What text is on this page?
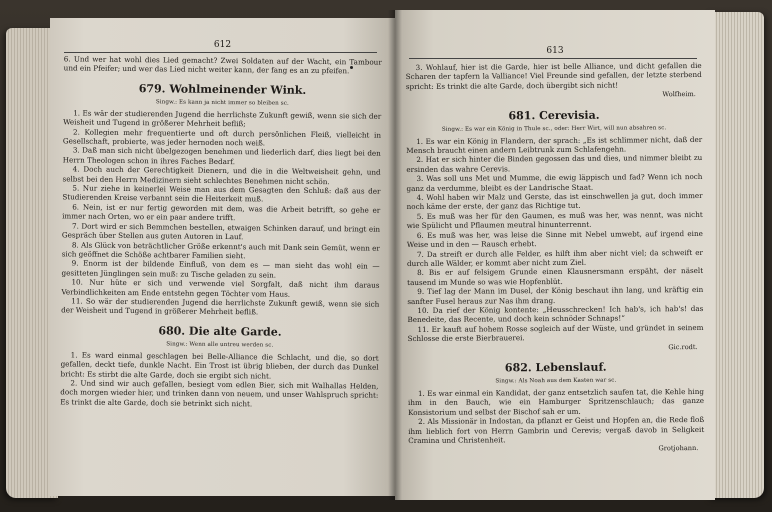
612

6. Und wer hat wohl dies Lied gemacht? Zwei Soldaten auf der Wacht, ein Tambour und ein Pfeifer; und wer das Lied nicht weiter kann, der fang es an zu pfeifen.

679. Wohlmeinender Wink.
Singw.: Es kann ja nicht immer so bleiben sc.

1. Es wär der studierenden Jugend die herrlichste Zukunft gewiß, wenn sie sich der Weisheit und Tugend in größerer Mehrheit befliß;

2. Kollegien mehr frequentierte und oft durch persönlichen Fleiß, vielleicht in Gesellschaft, probierte, was jeder hernoden noch weiß.

3. Daß man sich nicht übelgezogen benehmen und liederlich darf, dies liegt bei den Herrn Theologen schon in ihres Faches Bedarf.

4. Doch auch der Gerechtigkeit Dienern, und die in die Weltweisheit gehn, und selbst bei den Herrn Medizinern sieht schlechtes Benehmen nicht schön.

5. Nur ziehe in keinerlei Weise man aus dem Gesagten den Schluß: daß aus der Studierenden Kreise verbannt sein die Heiterkeit muß.

6. Nein, ist er nur fertig geworden mit dem, was die Arbeit betrifft, so gehe er immer nach Orten, wo er ein paar andere trifft.

7. Dort wird er sich Bemmchen bestellen, etwaigen Schinken darauf, und bringt ein Gespräch über Stellen aus guten Autoren in Lauf.

8. Als Glück von beträchtlicher Größe erkennt's auch mit Dank sein Gemüt, wenn er sich geöffnet die Schöße achtbarer Familien sieht.

9. Enorm ist der bildende Einfluß, von dem es — man sieht das wohl ein — gesitteten Jünglingen sein muß: zu Tische geladen zu sein.

10. Nur hüte er sich und verwende viel Sorgfalt, daß nicht ihm daraus Verbindlichkeiten am Ende entstehn gegen Töchter vom Haus.

11. So wär der studierenden Jugend die herrlichste Zukunft gewiß, wenn sie sich der Weisheit und Tugend in größerer Mehrheit befliß.

680. Die alte Garde.
Singw.: Wenn alle untreu werden sc.

1. Es ward einmal geschlagen bei Belle-Alliance die Schlacht, und die, so dort gefallen, deckt tiefe, dunkle Nacht. Ein Trost ist übrig blieben, der durch das Dunkel bricht: Es stirbt die alte Garde, doch sie ergibt sich nicht.

2. Und sind wir auch gefallen, besiegt vom edlen Bier, sich mit Walhallas Helden, doch morgen wieder hier, und trinken dann von neuem, und unser Wahlspruch spricht: Es trinkt die alte Garde, doch sie betrinkt sich nicht.

613

3. Wohlauf, hier ist die Garde, hier ist belle Alliance, und dicht gefallen die Scharen der tapfern la Valliance! Viel Freunde sind gefallen, der letzte sterbend spricht: Es trinkt die alte Garde, doch übergibt sich nicht!

Wolfheim.
681. Cerevisia.
Singw.: Es war ein König in Thule sc., oder: Herr Wirt, will nun absahren sc.

1. Es war ein König in Flandern, der sprach: „Es ist schlimmer nicht, daß der Mensch braucht einen andern Leibtrunk zum Schlafengehn.

2. Hat er sich hinter die Binden gegossen das und dies, und nimmer bleibt zu ersinden das wahre Cerevis.

3. Was soll uns Met und Mumme, die ewig läppisch und fad? Wenn ich noch ganz da verdumme, bleibt es der Landrische Staat.

4. Wohl haben wir Malz und Gerste, das ist einschwellen ja gut, doch immer noch käme der erste, der ganz das Richtige tut.

5. Es muß was her für den Gaumen, es muß was her, was nennt, was nicht wie Spülicht und Pflaumen meutral hinunterrennt.

6. Es muß was her, was leise die Sinne mit Nebel umwebt, auf irgend eine Weise und in den — Rausch erhebt.

7. Da streift er durch alle Felder, es hilft ihm aber nicht viel; da schweift er durch alle Wälder, er kommt aber nicht zum Ziel.

8. Bis er auf felsigem Grunde einen Klausnersmann erspäht, der näselt tausend im Munde so was wie Hopfenblüt.

9. Tief lag der Mann im Dusel, der König beschaut ihn lang, und kräftig ein sanfter Fusel heraus zur Nas ihm drang.

10. Da rief der König kontente: „Heusschrecken! Ich hab's, ich hab's! das Benedeite, das Recente, und doch kein schnöder Schnaps!“

11. Er kauft auf hohem Rosse sogleich auf der Wüste, und gründet in seinem Schlosse die erste Bierbrauerei.

Gic.rodt.
682. Lebenslauf.
Singw.: Als Noah aus dem Kasten war sc.

1. Es war einmal ein Kandidat, der ganz entsetzlich saufen tat, die Kehle hing ihm in den Bauch, wie ein Hamburger Spritzenschlauch; das ganze Konsistorium und selbst der Bischof sah er um.

2. Als Missionär in Indostan, da pflanzt er Geist und Hopfen an, die Rede floß ihm lieblich fort von Herrn Gambrin und Cerevis; vergaß davob in Seligkeit Cramina und Christenheit.

Grotjohann.
